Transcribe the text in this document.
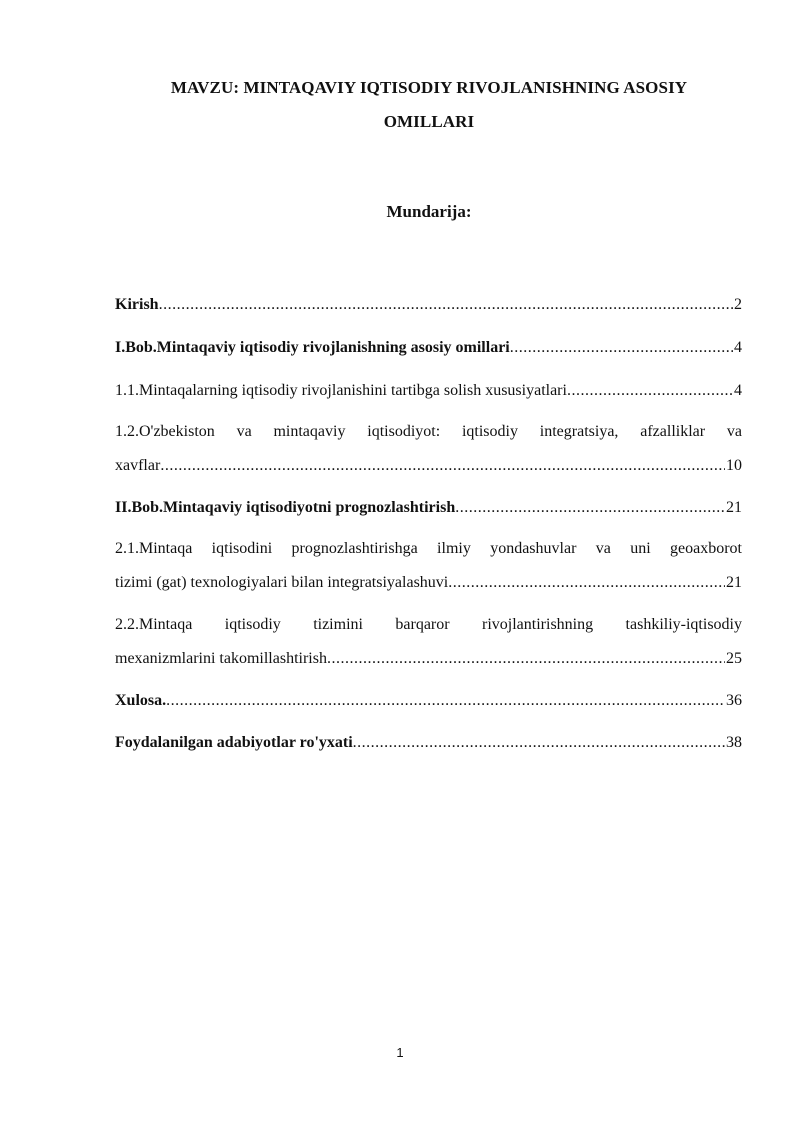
MAVZU: MINTAQAVIY IQTISODIY RIVOJLANISHNING ASOSIY
OMILLARI
Mundarija:
Kirish .....	2
I.Bob.Mintaqaviy iqtisodiy rivojlanishning asosiy omillari .....	4
1.1.Mintaqalarning iqtisodiy rivojlanishini tartibga solish xususiyatlari .....	4
1.2.O'zbekiston va mintaqaviy iqtisodiyot: iqtisodiy integratsiya, afzalliklar va
xavflar .....	10
II.Bob.Mintaqaviy iqtisodiyotni prognozlashtirish .....	21
2.1.Mintaqa iqtisodini prognozlashtirishga ilmiy yondashuvlar va uni geoaxborot
tizimi (gat) texnologiyalari bilan integratsiyalashuvi .....	21
2.2.Mintaqa iqtisodiy tizimini barqaror rivojlantirishning tashkiliy-iqtisodiy
mexanizmlarini takomillashtirish .....	25
Xulosa. .....	36
Foydalanilgan adabiyotlar ro'yxati .....	38
1
